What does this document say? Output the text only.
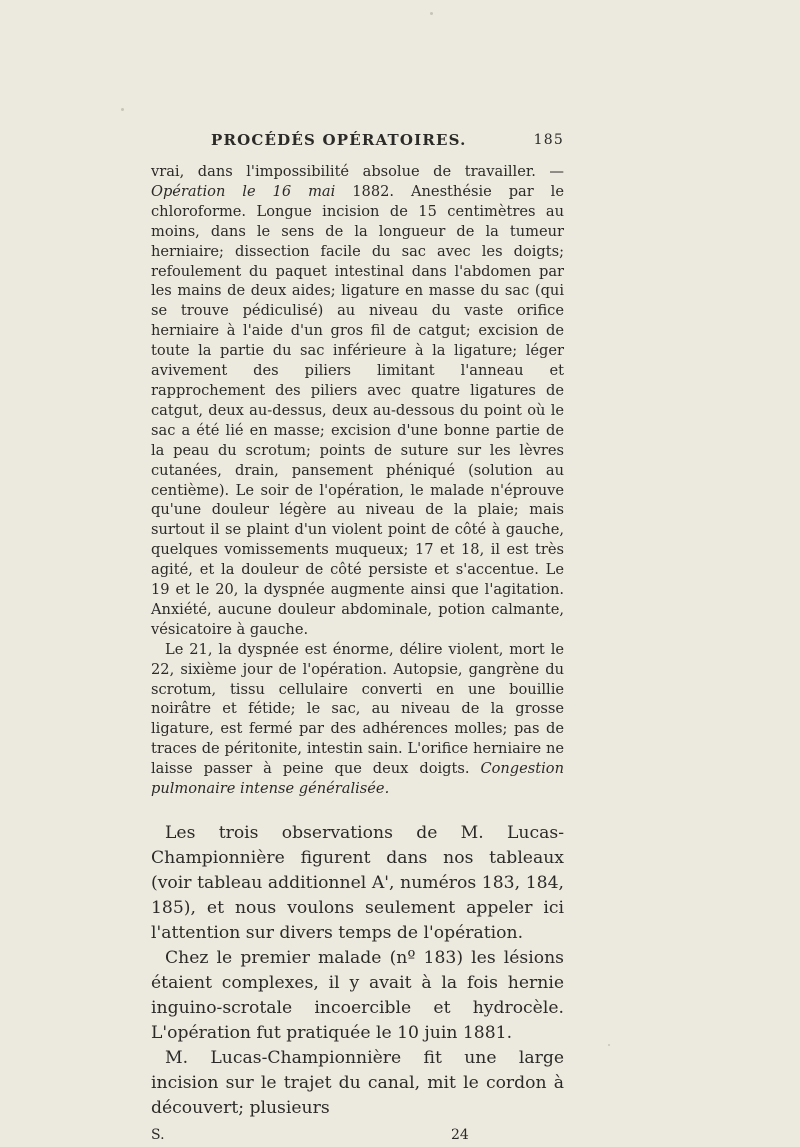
PROCÉDÉS OPÉRATOIRES.	185

vrai, dans l'impossibilité absolue de travailler. — Opération le 16 mai 1882. Anesthésie par le chloroforme. Longue incision de 15 centimètres au moins, dans le sens de la longueur de la tumeur herniaire; dissection facile du sac avec les doigts; refoulement du paquet intestinal dans l'abdomen par les mains de deux aides; ligature en masse du sac (qui se trouve pédiculisé) au niveau du vaste orifice herniaire à l'aide d'un gros fil de catgut; excision de toute la partie du sac inférieure à la ligature; léger avivement des piliers limitant l'anneau et rapprochement des piliers avec quatre ligatures de catgut, deux au-dessus, deux au-dessous du point où le sac a été lié en masse; excision d'une bonne partie de la peau du scrotum; points de suture sur les lèvres cutanées, drain, pansement phéniqué (solution au centième). Le soir de l'opération, le malade n'éprouve qu'une douleur légère au niveau de la plaie; mais surtout il se plaint d'un violent point de côté à gauche, quelques vomissements muqueux; 17 et 18, il est très agité, et la douleur de côté persiste et s'accentue. Le 19 et le 20, la dyspnée augmente ainsi que l'agitation. Anxiété, aucune douleur abdominale, potion calmante, vésicatoire à gauche.

Le 21, la dyspnée est énorme, délire violent, mort le 22, sixième jour de l'opération. Autopsie, gangrène du scrotum, tissu cellulaire converti en une bouillie noirâtre et fétide; le sac, au niveau de la grosse ligature, est fermé par des adhérences molles; pas de traces de péritonite, intestin sain. L'orifice herniaire ne laisse passer à peine que deux doigts. Congestion pulmonaire intense généralisée.

Les trois observations de M. Lucas-Championnière figurent dans nos tableaux (voir tableau additionnel A', numéros 183, 184, 185), et nous voulons seulement appeler ici l'attention sur divers temps de l'opération.

Chez le premier malade (nº 183) les lésions étaient complexes, il y avait à la fois hernie inguino-scrotale incoercible et hydrocèle. L'opération fut pratiquée le 10 juin 1881.

M. Lucas-Championnière fit une large incision sur le trajet du canal, mit le cordon à découvert; plusieurs

S.	24
